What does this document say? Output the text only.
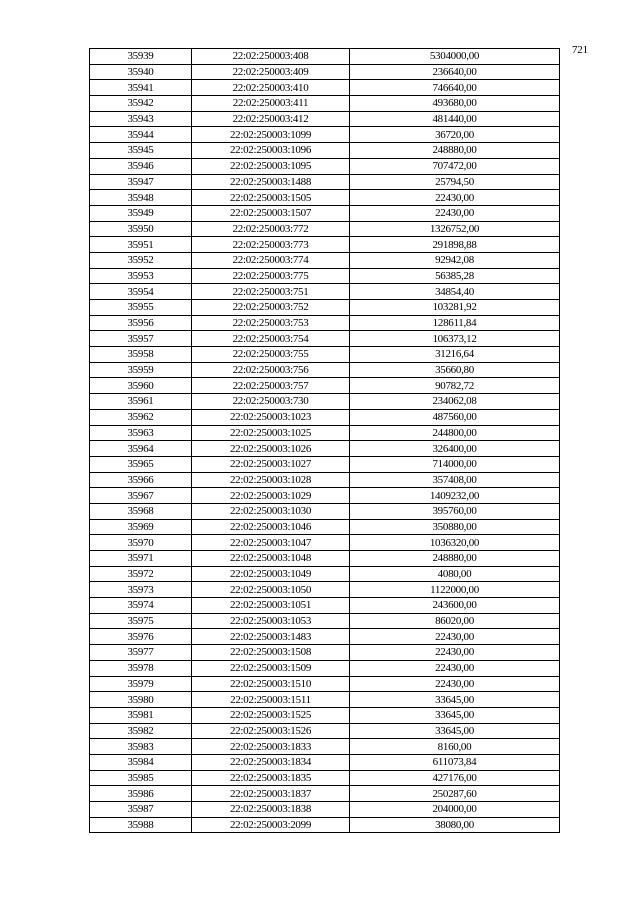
721
35939	22:02:250003:408	5304000,00
35940	22:02:250003:409	236640,00
35941	22:02:250003:410	746640,00
35942	22:02:250003:411	493680,00
35943	22:02:250003:412	481440,00
35944	22:02:250003:1099	36720,00
35945	22:02:250003:1096	248880,00
35946	22:02:250003:1095	707472,00
35947	22:02:250003:1488	25794,50
35948	22:02:250003:1505	22430,00
35949	22:02:250003:1507	22430,00
35950	22:02:250003:772	1326752,00
35951	22:02:250003:773	291898,88
35952	22:02:250003:774	92942,08
35953	22:02:250003:775	56385,28
35954	22:02:250003:751	34854,40
35955	22:02:250003:752	103281,92
35956	22:02:250003:753	128611,84
35957	22:02:250003:754	106373,12
35958	22:02:250003:755	31216,64
35959	22:02:250003:756	35660,80
35960	22:02:250003:757	90782,72
35961	22:02:250003:730	234062,08
35962	22:02:250003:1023	487560,00
35963	22:02:250003:1025	244800,00
35964	22:02:250003:1026	326400,00
35965	22:02:250003:1027	714000,00
35966	22:02:250003:1028	357408,00
35967	22:02:250003:1029	1409232,00
35968	22:02:250003:1030	395760,00
35969	22:02:250003:1046	350880,00
35970	22:02:250003:1047	1036320,00
35971	22:02:250003:1048	248880,00
35972	22:02:250003:1049	4080,00
35973	22:02:250003:1050	1122000,00
35974	22:02:250003:1051	243600,00
35975	22:02:250003:1053	86020,00
35976	22:02:250003:1483	22430,00
35977	22:02:250003:1508	22430,00
35978	22:02:250003:1509	22430,00
35979	22:02:250003:1510	22430,00
35980	22:02:250003:1511	33645,00
35981	22:02:250003:1525	33645,00
35982	22:02:250003:1526	33645,00
35983	22:02:250003:1833	8160,00
35984	22:02:250003:1834	611073,84
35985	22:02:250003:1835	427176,00
35986	22:02:250003:1837	250287,60
35987	22:02:250003:1838	204000,00
35988	22:02:250003:2099	38080,00
